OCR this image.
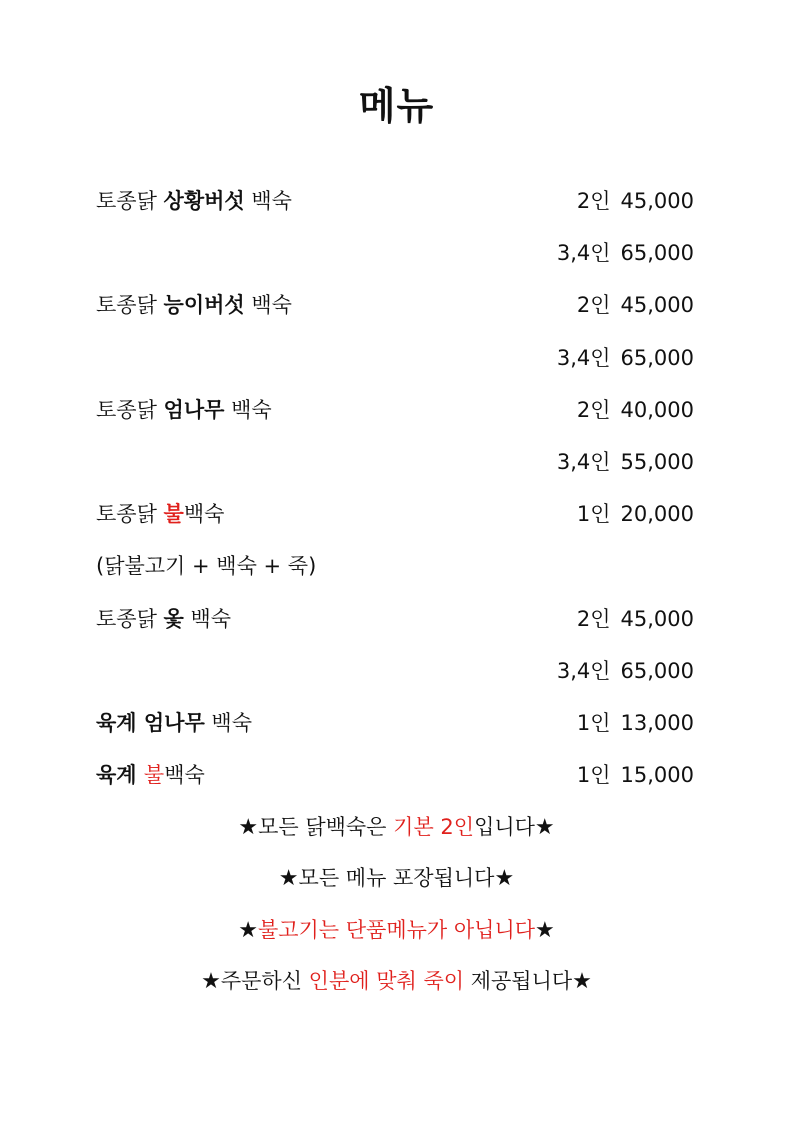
메뉴
토종닭 상황버섯 백숙	2인 45,000
3,4인 65,000
토종닭 능이버섯 백숙	2인 45,000
3,4인 65,000
토종닭 엄나무 백숙	2인 40,000
3,4인 55,000
토종닭 불백숙	1인 20,000
(닭불고기 + 백숙 + 죽)
토종닭 옻 백숙	2인 45,000
3,4인 65,000
육계 엄나무 백숙	1인 13,000
육계 불백숙	1인 15,000
★모든 닭백숙은 기본 2인입니다★
★모든 메뉴 포장됩니다★
★불고기는 단품메뉴가 아닙니다★
★주문하신 인분에 맞춰 죽이 제공됩니다★
